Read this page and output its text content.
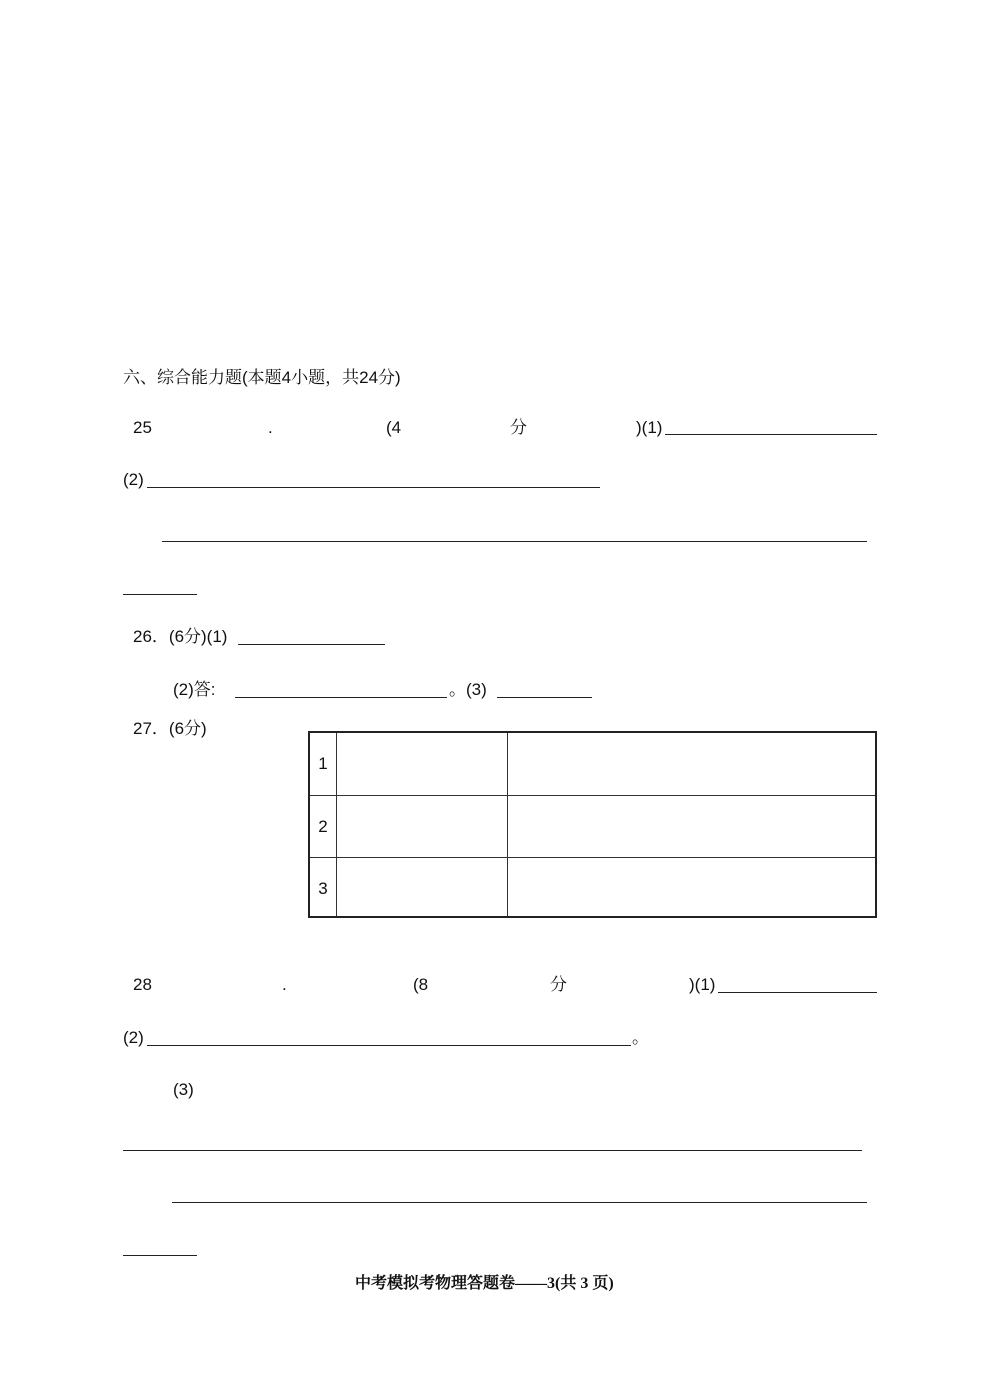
六、综合能力题(本题4小题，共24分)
25	.	(4	分	)(1)
(2)
26．(6分)(1)
(2)答:	。(3)
27．(6分)
1
2
3
28	.	(8	分	)(1)
(2)	。
(3)
中考模拟考物理答题卷——3(共 3 页)
